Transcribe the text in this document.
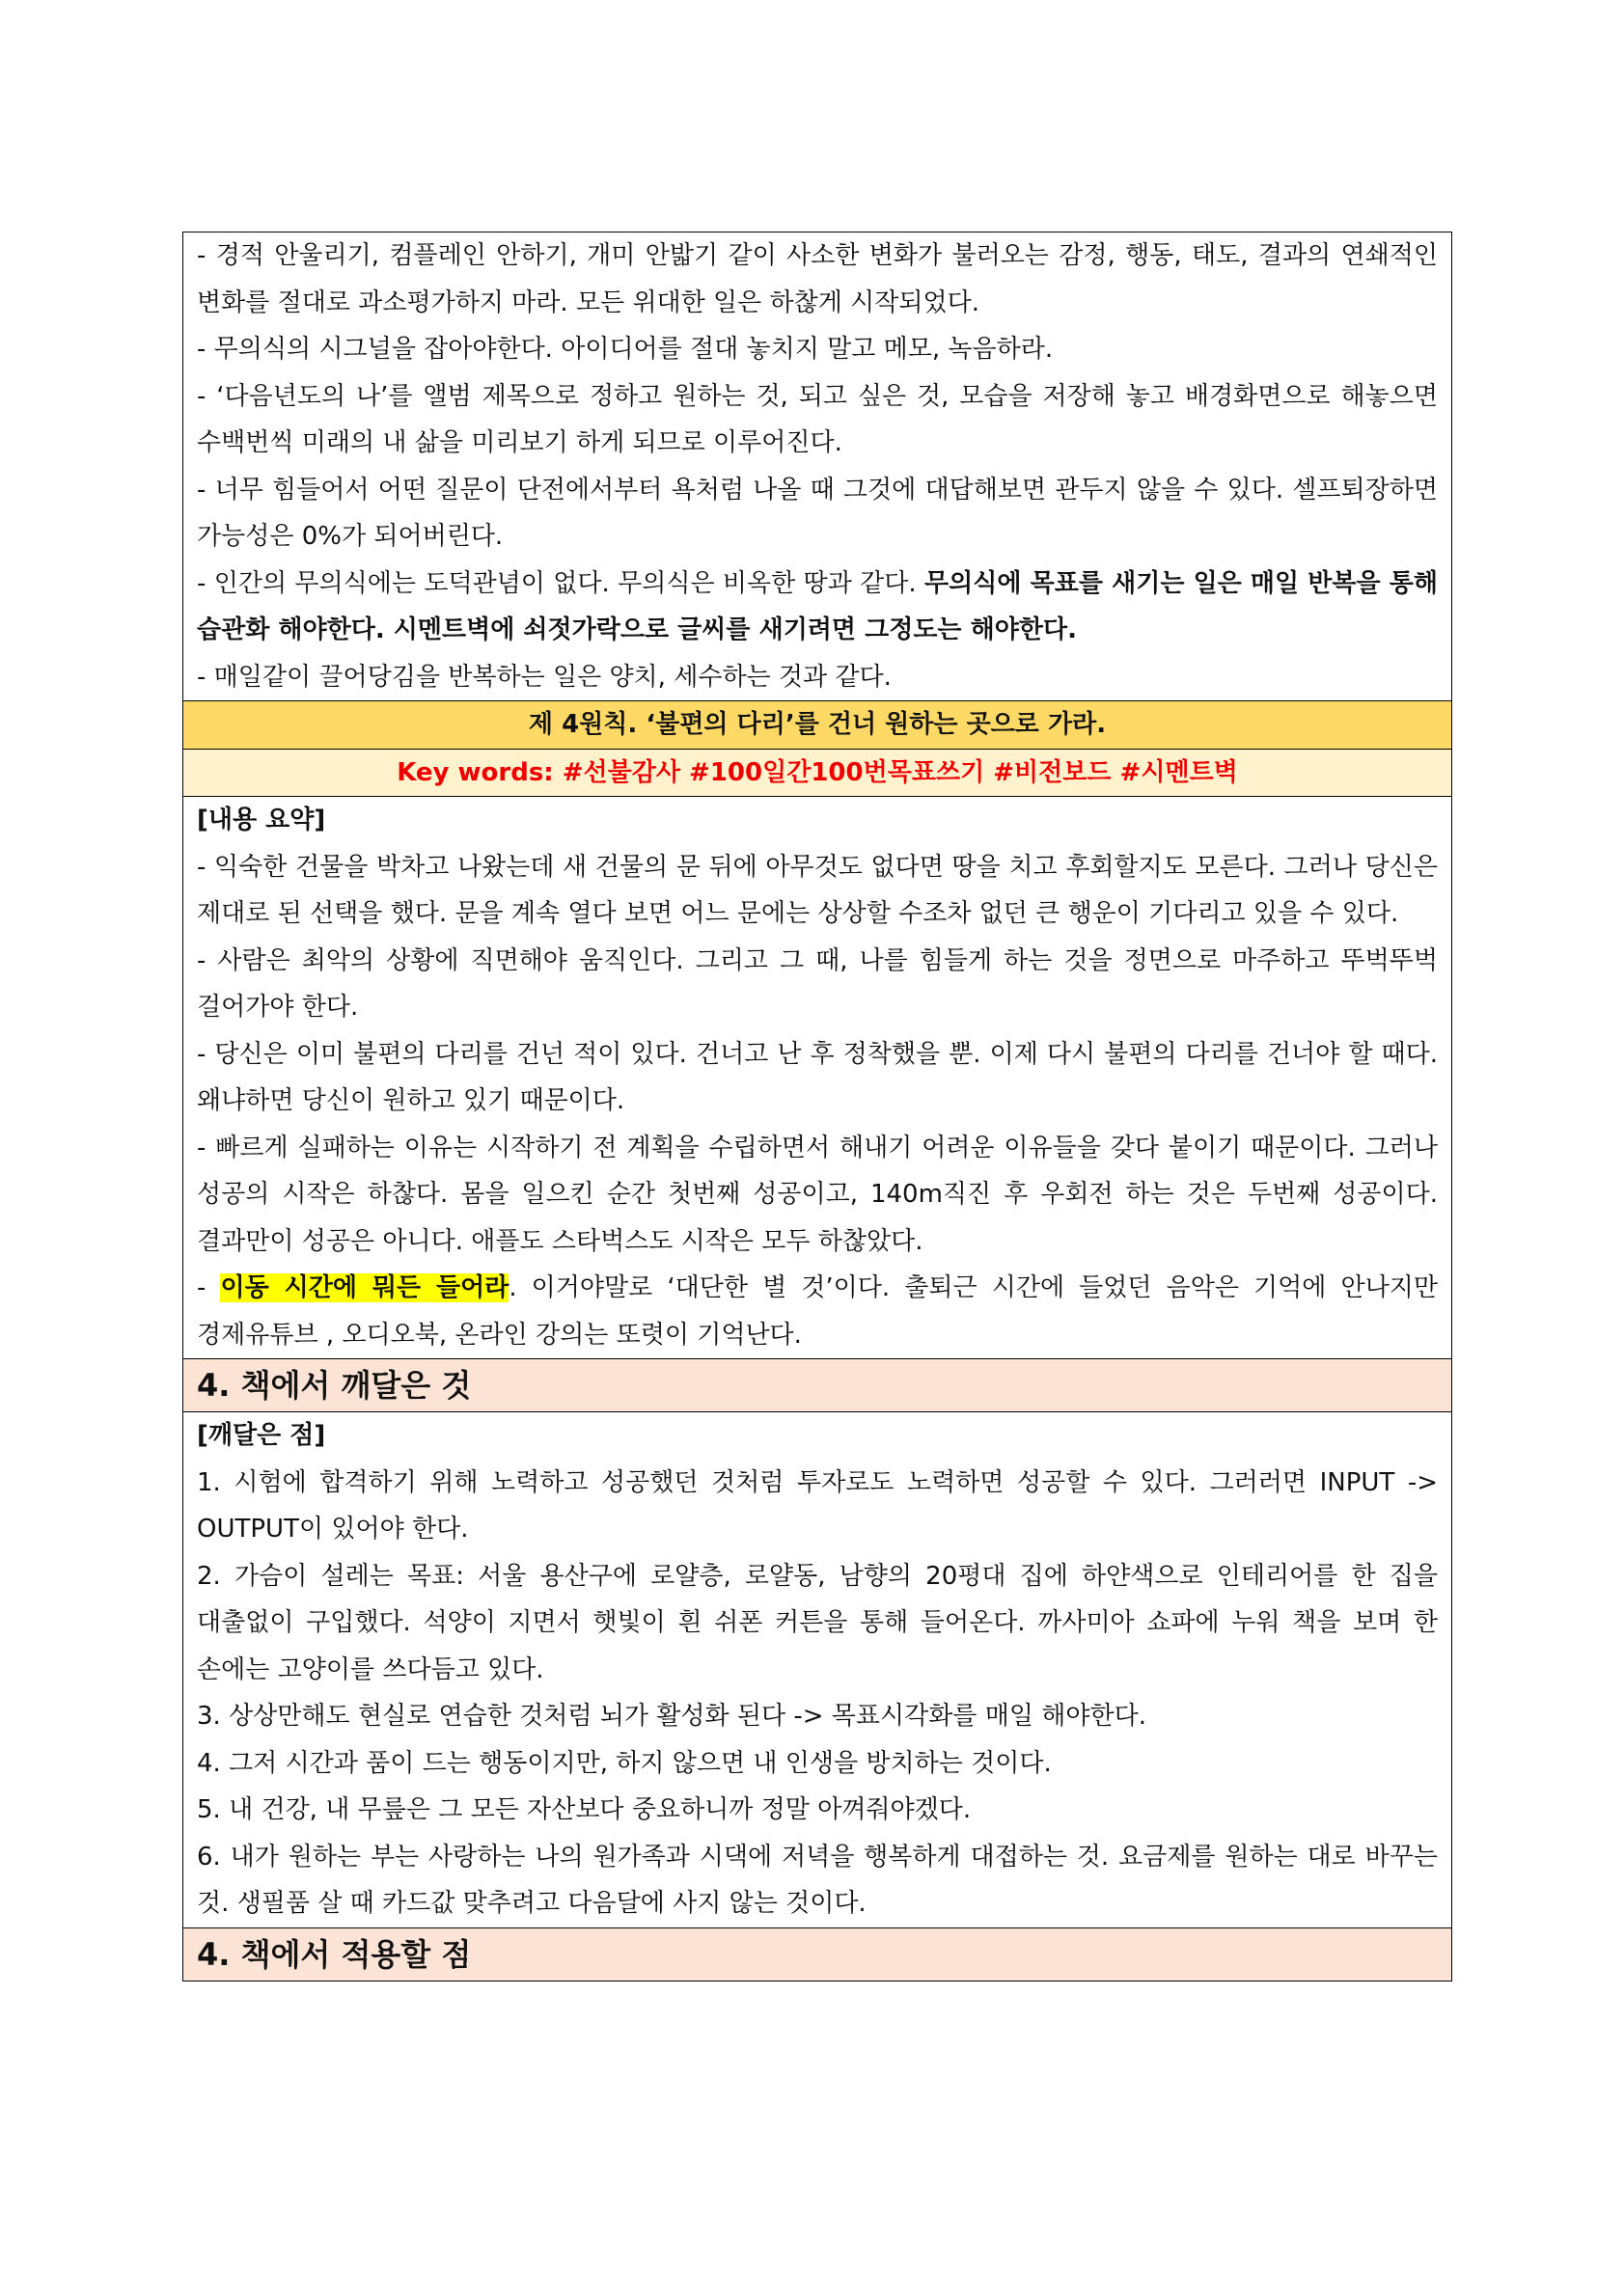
- 경적 안울리기, 컴플레인 안하기, 개미 안밟기 같이 사소한 변화가 불러오는 감정, 행동, 태도, 결과의 연쇄적인 변화를 절대로 과소평가하지 마라. 모든 위대한 일은 하찮게 시작되었다.

- 무의식의 시그널을 잡아야한다. 아이디어를 절대 놓치지 말고 메모, 녹음하라.

- ‘다음년도의 나’를 앨범 제목으로 정하고 원하는 것, 되고 싶은 것, 모습을 저장해 놓고 배경화면으로 해놓으면 수백번씩 미래의 내 삶을 미리보기 하게 되므로 이루어진다.

- 너무 힘들어서 어떤 질문이 단전에서부터 욕처럼 나올 때 그것에 대답해보면 관두지 않을 수 있다. 셀프퇴장하면 가능성은 0%가 되어버린다.

- 인간의 무의식에는 도덕관념이 없다. 무의식은 비옥한 땅과 같다. 무의식에 목표를 새기는 일은 매일 반복을 통해 습관화 해야한다. 시멘트벽에 쇠젓가락으로 글씨를 새기려면 그정도는 해야한다.

- 매일같이 끌어당김을 반복하는 일은 양치, 세수하는 것과 같다.

제 4원칙. ‘불편의 다리’를 건너 원하는 곳으로 가라.
Key words: #선불감사 #100일간100번목표쓰기 #비전보드 #시멘트벽

[내용 요약]

- 익숙한 건물을 박차고 나왔는데 새 건물의 문 뒤에 아무것도 없다면 땅을 치고 후회할지도 모른다. 그러나 당신은 제대로 된 선택을 했다. 문을 계속 열다 보면 어느 문에는 상상할 수조차 없던 큰 행운이 기다리고 있을 수 있다.

- 사람은 최악의 상황에 직면해야 움직인다. 그리고 그 때, 나를 힘들게 하는 것을 정면으로 마주하고 뚜벅뚜벅 걸어가야 한다.

- 당신은 이미 불편의 다리를 건넌 적이 있다. 건너고 난 후 정착했을 뿐. 이제 다시 불편의 다리를 건너야 할 때다. 왜냐하면 당신이 원하고 있기 때문이다.

- 빠르게 실패하는 이유는 시작하기 전 계획을 수립하면서 해내기 어려운 이유들을 갖다 붙이기 때문이다. 그러나 성공의 시작은 하찮다. 몸을 일으킨 순간 첫번째 성공이고, 140m직진 후 우회전 하는 것은 두번째 성공이다. 결과만이 성공은 아니다. 애플도 스타벅스도 시작은 모두 하찮았다.

- 이동 시간에 뭐든 들어라. 이거야말로 ‘대단한 별 것’이다. 출퇴근 시간에 들었던 음악은 기억에 안나지만 경제유튜브 , 오디오북, 온라인 강의는 또렷이 기억난다.

4. 책에서 깨달은 것

[깨달은 점]

1. 시험에 합격하기 위해 노력하고 성공했던 것처럼 투자로도 노력하면 성공할 수 있다. 그러러면 INPUT -> OUTPUT이 있어야 한다.

2. 가슴이 설레는 목표: 서울 용산구에 로얄층, 로얄동, 남향의 20평대 집에 하얀색으로 인테리어를 한 집을 대출없이 구입했다. 석양이 지면서 햇빛이 흰 쉬폰 커튼을 통해 들어온다. 까사미아 쇼파에 누워 책을 보며 한 손에는 고양이를 쓰다듬고 있다.

3. 상상만해도 현실로 연습한 것처럼 뇌가 활성화 된다 -> 목표시각화를 매일 해야한다.

4. 그저 시간과 품이 드는 행동이지만, 하지 않으면 내 인생을 방치하는 것이다.

5. 내 건강, 내 무릎은 그 모든 자산보다 중요하니까 정말 아껴줘야겠다.

6. 내가 원하는 부는 사랑하는 나의 원가족과 시댁에 저녁을 행복하게 대접하는 것. 요금제를 원하는 대로 바꾸는 것. 생필품 살 때 카드값 맞추려고 다음달에 사지 않는 것이다.

4. 책에서 적용할 점
